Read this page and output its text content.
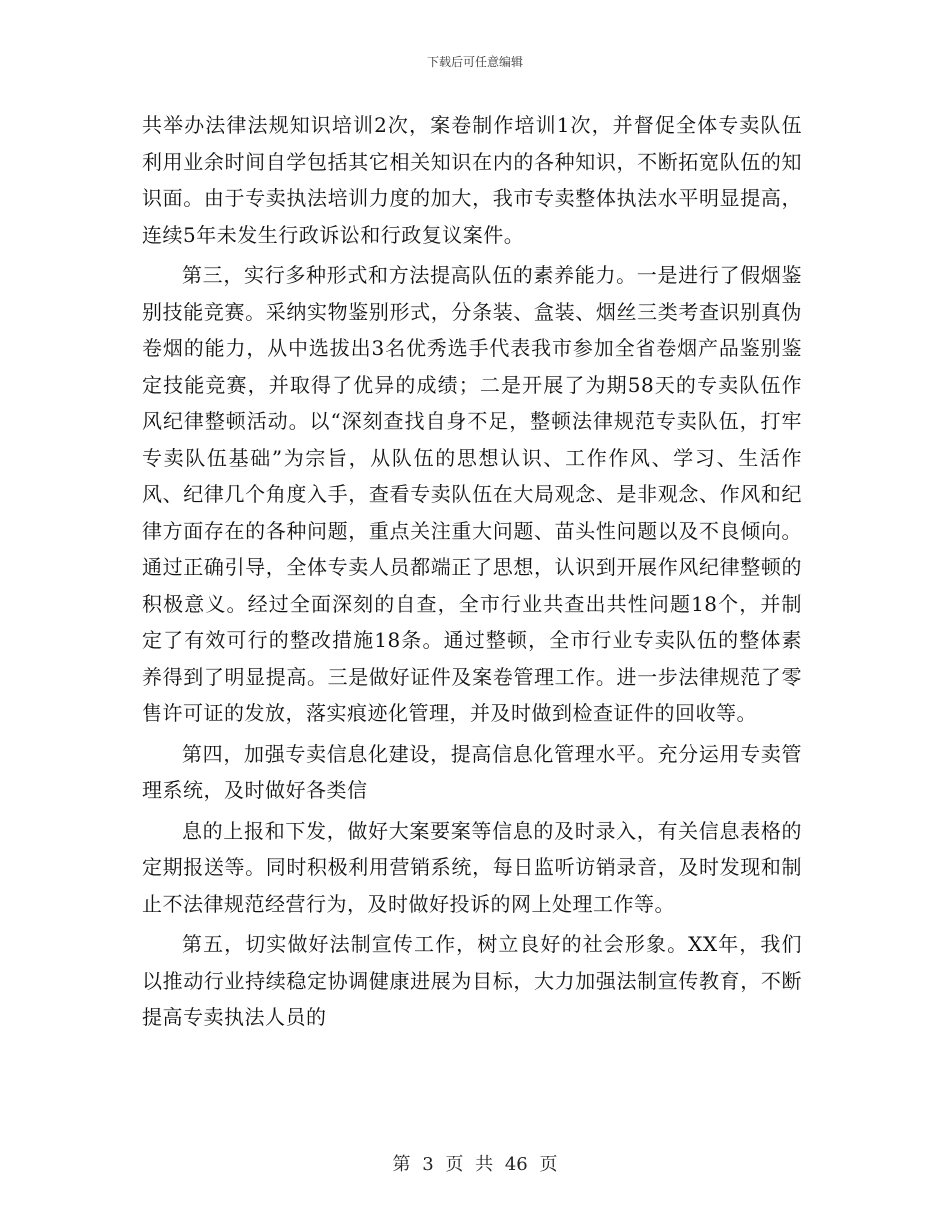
下载后可任意编辑

共举办法律法规知识培训2次，案卷制作培训1次，并督促全体专卖队伍利用业余时间自学包括其它相关知识在内的各种知识，不断拓宽队伍的知识面。由于专卖执法培训力度的加大，我市专卖整体执法水平明显提高，连续5年未发生行政诉讼和行政复议案件。

第三，实行多种形式和方法提高队伍的素养能力。一是进行了假烟鉴别技能竞赛。采纳实物鉴别形式，分条装、盒装、烟丝三类考查识别真伪卷烟的能力，从中选拔出3名优秀选手代表我市参加全省卷烟产品鉴别鉴定技能竞赛，并取得了优异的成绩；二是开展了为期58天的专卖队伍作风纪律整顿活动。以“深刻查找自身不足，整顿法律规范专卖队伍，打牢专卖队伍基础”为宗旨，从队伍的思想认识、工作作风、学习、生活作风、纪律几个角度入手，查看专卖队伍在大局观念、是非观念、作风和纪律方面存在的各种问题，重点关注重大问题、苗头性问题以及不良倾向。通过正确引导，全体专卖人员都端正了思想，认识到开展作风纪律整顿的积极意义。经过全面深刻的自查，全市行业共查出共性问题18个，并制定了有效可行的整改措施18条。通过整顿，全市行业专卖队伍的整体素养得到了明显提高。三是做好证件及案卷管理工作。进一步法律规范了零售许可证的发放，落实痕迹化管理，并及时做到检查证件的回收等。

第四，加强专卖信息化建设，提高信息化管理水平。充分运用专卖管理系统，及时做好各类信

息的上报和下发，做好大案要案等信息的及时录入，有关信息表格的定期报送等。同时积极利用营销系统，每日监听访销录音，及时发现和制止不法律规范经营行为，及时做好投诉的网上处理工作等。

第五，切实做好法制宣传工作，树立良好的社会形象。XX年，我们以推动行业持续稳定协调健康进展为目标，大力加强法制宣传教育，不断提高专卖执法人员的

第 3 页 共 46 页
